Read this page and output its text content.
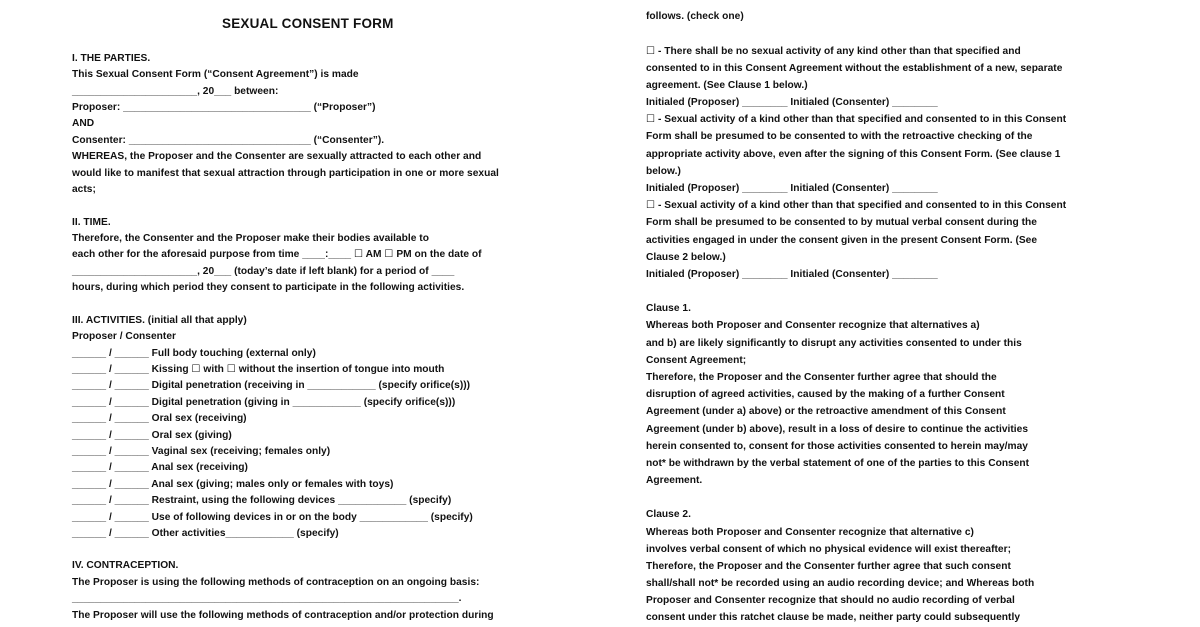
SEXUAL CONSENT FORM
I. THE PARTIES.
This Sexual Consent Form (“Consent Agreement”) is made
______________________, 20___ between:
Proposer: _________________________________ (“Proposer”)
AND
Consenter: ________________________________ (“Consenter”).
WHEREAS, the Proposer and the Consenter are sexually attracted to each other and
would like to manifest that sexual attraction through participation in one or more sexual
acts;
II. TIME.
Therefore, the Consenter and the Proposer make their bodies available to
each other for the aforesaid purpose from time ____:____ ☐ AM ☐ PM on the date of
______________________, 20___ (today’s date if left blank) for a period of ____
hours, during which period they consent to participate in the following activities.
III. ACTIVITIES. (initial all that apply)
Proposer / Consenter
______ / ______ Full body touching (external only)
______ / ______ Kissing ☐ with ☐ without the insertion of tongue into mouth
______ / ______ Digital penetration (receiving in ____________ (specify orifice(s)))
______ / ______ Digital penetration (giving in ____________ (specify orifice(s)))
______ / ______ Oral sex (receiving)
______ / ______ Oral sex (giving)
______ / ______ Vaginal sex (receiving; females only)
______ / ______ Anal sex (receiving)
______ / ______ Anal sex (giving; males only or females with toys)
______ / ______ Restraint, using the following devices ____________ (specify)
______ / ______ Use of following devices in or on the body ____________ (specify)
______ / ______ Other activities____________ (specify)
IV. CONTRACEPTION.
The Proposer is using the following methods of contraception on an ongoing basis:
____________________________________________________________________.
The Proposer will use the following methods of contraception and/or protection during
follows. (check one)
☐ - There shall be no sexual activity of any kind other than that specified and
consented to in this Consent Agreement without the establishment of a new, separate
agreement. (See Clause 1 below.)
Initialed (Proposer) ________ Initialed (Consenter) ________
☐ - Sexual activity of a kind other than that specified and consented to in this Consent
Form shall be presumed to be consented to with the retroactive checking of the
appropriate activity above, even after the signing of this Consent Form. (See clause 1
below.)
Initialed (Proposer) ________ Initialed (Consenter) ________
☐ - Sexual activity of a kind other than that specified and consented to in this Consent
Form shall be presumed to be consented to by mutual verbal consent during the
activities engaged in under the consent given in the present Consent Form. (See
Clause 2 below.)
Initialed (Proposer) ________ Initialed (Consenter) ________
Clause 1.
Whereas both Proposer and Consenter recognize that alternatives a)
and b) are likely significantly to disrupt any activities consented to under this
Consent Agreement;
Therefore, the Proposer and the Consenter further agree that should the
disruption of agreed activities, caused by the making of a further Consent
Agreement (under a) above) or the retroactive amendment of this Consent
Agreement (under b) above), result in a loss of desire to continue the activities
herein consented to, consent for those activities consented to herein may/may
not* be withdrawn by the verbal statement of one of the parties to this Consent
Agreement.
Clause 2.
Whereas both Proposer and Consenter recognize that alternative c)
involves verbal consent of which no physical evidence will exist thereafter;
Therefore, the Proposer and the Consenter further agree that such consent
shall/shall not* be recorded using an audio recording device; and Whereas both
Proposer and Consenter recognize that should no audio recording of verbal
consent under this ratchet clause be made, neither party could subsequently
